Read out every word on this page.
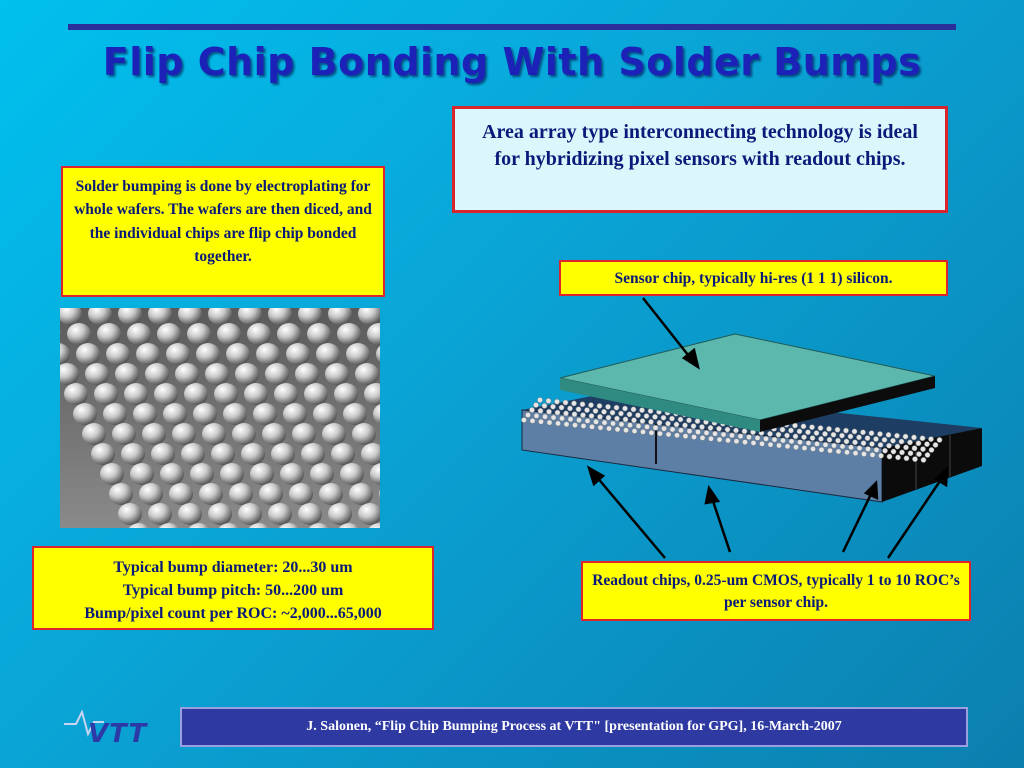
Flip Chip Bonding With Solder Bumps
Area array type interconnecting technology is ideal for hybridizing pixel sensors with readout chips.
Solder bumping is done by electroplating for whole wafers. The wafers are then diced, and the individual chips are flip chip bonded together.
Typical bump diameter: 20...30 um
Typical bump pitch: 50...200 um
Bump/pixel count per ROC: ~2,000...65,000
Sensor chip, typically hi-res (1 1 1) silicon.
Readout chips, 0.25-um CMOS, typically 1 to 10 ROC’s per sensor chip.
VTT	J. Salonen, “Flip Chip Bumping Process at VTT" [presentation for GPG], 16-March-2007
